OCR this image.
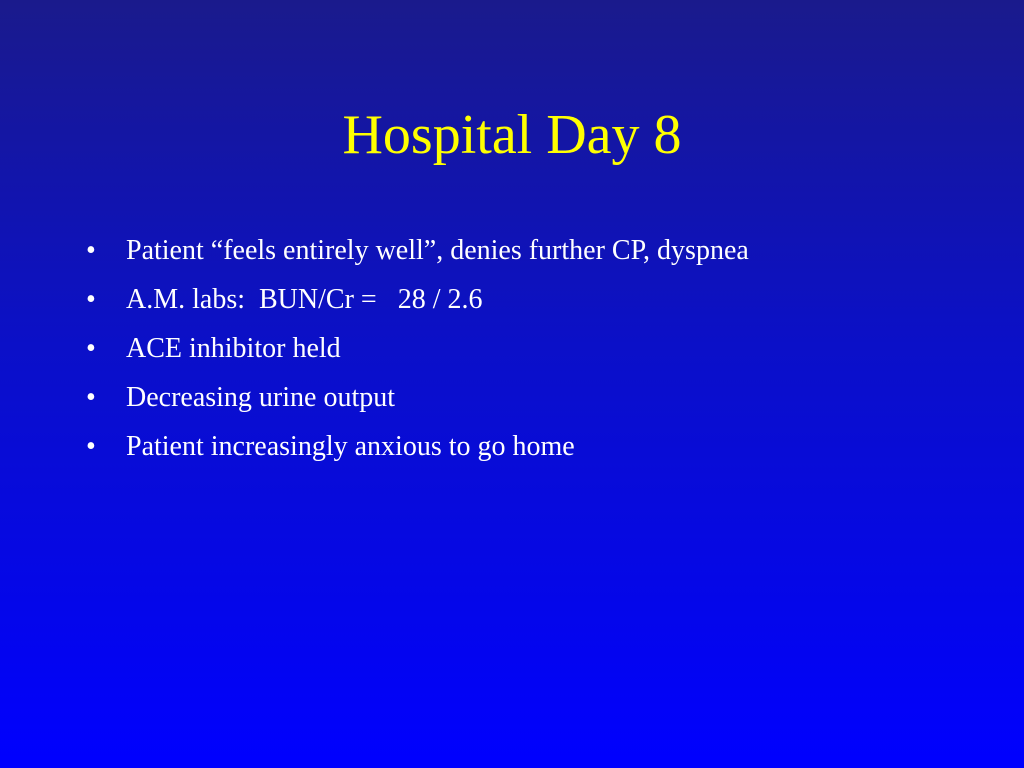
Hospital Day 8
• Patient “feels entirely well”, denies further CP, dyspnea
• A.M. labs:  BUN/Cr =   28 / 2.6
• ACE inhibitor held
• Decreasing urine output
• Patient increasingly anxious to go home
